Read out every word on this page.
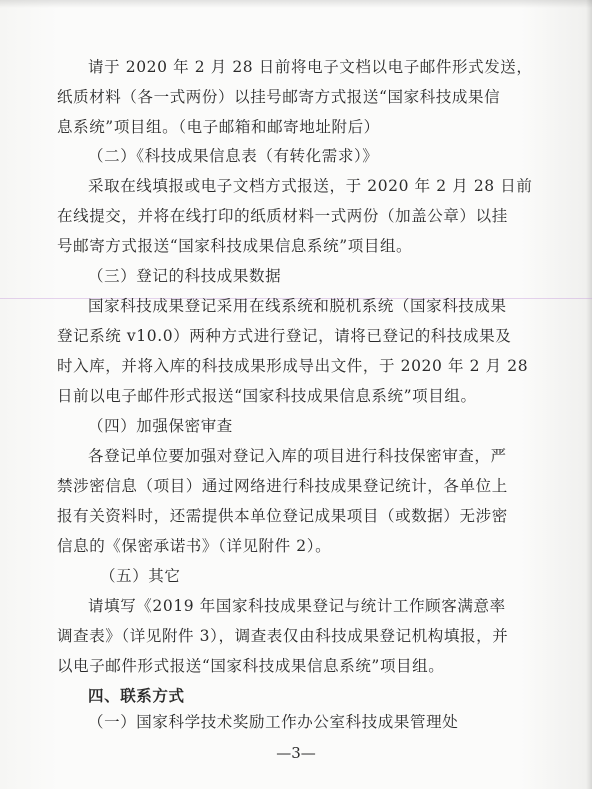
请于 2020 年 2 月 28 日前将电子文档以电子邮件形式发送，

纸质材料（各一式两份）以挂号邮寄方式报送“国家科技成果信

息系统”项目组。（电子邮箱和邮寄地址附后）

（二）《科技成果信息表（有转化需求）》

采取在线填报或电子文档方式报送，于 2020 年 2 月 28 日前

在线提交，并将在线打印的纸质材料一式两份（加盖公章）以挂

号邮寄方式报送“国家科技成果信息系统”项目组。

（三）登记的科技成果数据

国家科技成果登记采用在线系统和脱机系统（国家科技成果

登记系统 v10.0）两种方式进行登记，请将已登记的科技成果及

时入库，并将入库的科技成果形成导出文件，于 2020 年 2 月 28

日前以电子邮件形式报送“国家科技成果信息系统”项目组。

（四）加强保密审查

各登记单位要加强对登记入库的项目进行科技保密审查，严

禁涉密信息（项目）通过网络进行科技成果登记统计，各单位上

报有关资料时，还需提供本单位登记成果项目（或数据）无涉密

信息的《保密承诺书》（详见附件 2）。

（五）其它

请填写《2019 年国家科技成果登记与统计工作顾客满意率

调查表》（详见附件 3），调查表仅由科技成果登记机构填报，并

以电子邮件形式报送“国家科技成果信息系统”项目组。

四、联系方式

（一）国家科学技术奖励工作办公室科技成果管理处

—3—
